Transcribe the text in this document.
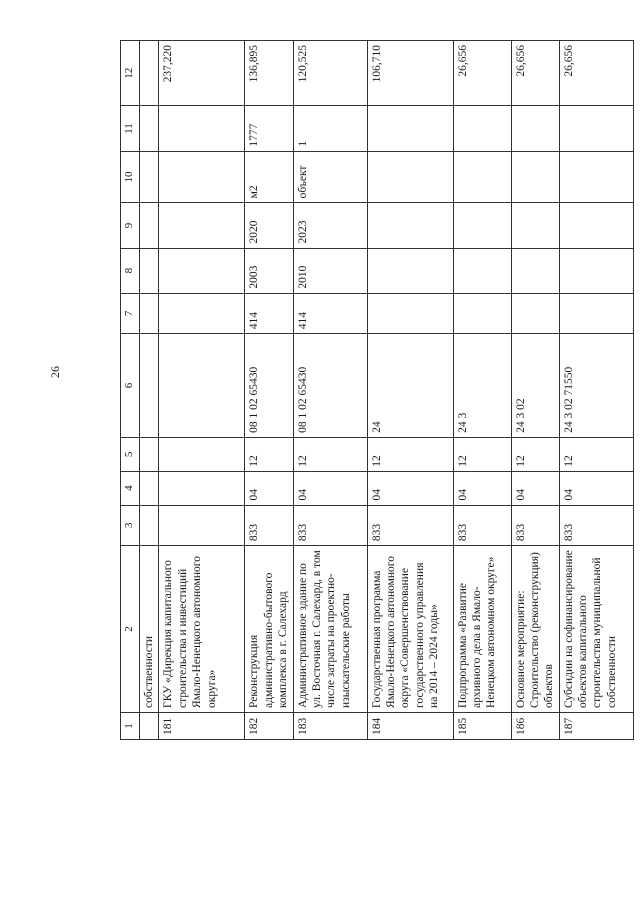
26
1	2	3	4	5	6	7	8	9	10	11	12
	собственности										
181	ГКУ «Дирекция капитального строительства и инвестиций Ямало-Ненецкого автономного округа»										237,220
182	Реконструкция административно-бытового комплекса в г. Салехард	833	04	12	08 1 02 65430	414	2003	2020	м2	1777	136,895
183	Административное здание по ул. Восточная г. Салехард, в том числе затраты на проектно-изыскательские работы	833	04	12	08 1 02 65430	414	2010	2023	объект	1	120,525
184	Государственная программа Ямало-Ненецкого автономного округа «Совершенствование государственного управления на 2014 – 2024 годы»	833	04	12	24						106,710
185	Подпрограмма «Развитие архивного дела в Ямало-Ненецком автономном округе»	833	04	12	24 3						26,656
186	Основное мероприятие: Строительство (реконструкция) объектов	833	04	12	24 3 02						26,656
187	Субсидии на софинансирование объектов капитального строительства муниципальной собственности	833	04	12	24 3 02 71550						26,656
